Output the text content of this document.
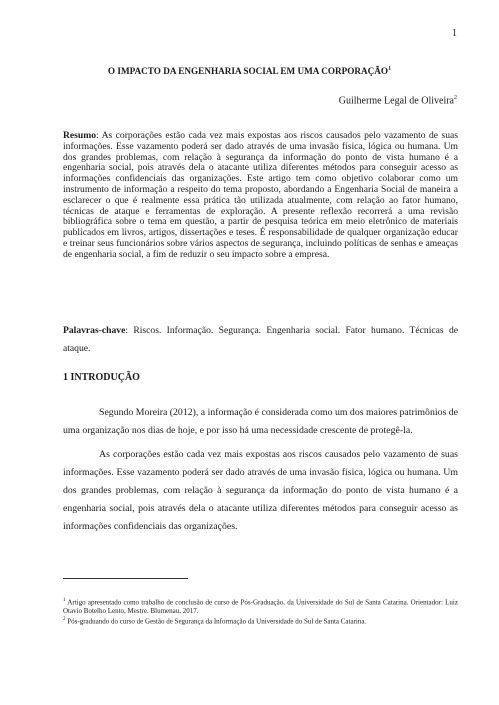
1
O IMPACTO DA ENGENHARIA SOCIAL EM UMA CORPORAÇÃO$^1$
Guilherme Legal de Oliveira$^2$

Resumo: As corporações estão cada vez mais expostas aos riscos causados pelo vazamento de suas informações. Esse vazamento poderá ser dado através de uma invasão física, lógica ou humana. Um dos grandes problemas, com relação à segurança da informação do ponto de vista humano é a engenharia social, pois através dela o atacante utiliza diferentes métodos para conseguir acesso as informações confidenciais das organizações. Este artigo tem como objetivo colaborar como um instrumento de informação a respeito do tema proposto, abordando a Engenharia Social de maneira a esclarecer o que é realmente essa prática tão utilizada atualmente, com relação ao fator humano, técnicas de ataque e ferramentas de exploração. A presente reflexão recorrerá a uma revisão bibliográfica sobre o tema em questão, a partir de pesquisa teórica em meio eletrônico de materiais publicados em livros, artigos, dissertações e teses. É responsabilidade de qualquer organização educar e treinar seus funcionários sobre vários aspectos de segurança, incluindo políticas de senhas e ameaças de engenharia social, a fim de reduzir o seu impacto sobre a empresa.

Palavras-chave: Riscos. Informação. Segurança. Engenharia social. Fator humano. Técnicas de ataque.

1 INTRODUÇÃO

Segundo Moreira (2012), a informação é considerada como um dos maiores patrimônios de uma organização nos dias de hoje, e por isso há uma necessidade crescente de protegê-la.

As corporações estão cada vez mais expostas aos riscos causados pelo vazamento de suas informações. Esse vazamento poderá ser dado através de uma invasão física, lógica ou humana. Um dos grandes problemas, com relação à segurança da informação do ponto de vista humano é a engenharia social, pois através dela o atacante utiliza diferentes métodos para conseguir acesso as informações confidenciais das organizações.

$^1$ Artigo apresentado como trabalho de conclusão de curso de Pós-Graduação, da Universidade do Sul de Santa Catarina. Orientador: Luiz Otavio Botelho Lento, Mestre. Blumenau, 2017.

$^2$ Pós-graduando do curso de Gestão de Segurança da Informação da Universidade do Sul de Santa Catarina.
